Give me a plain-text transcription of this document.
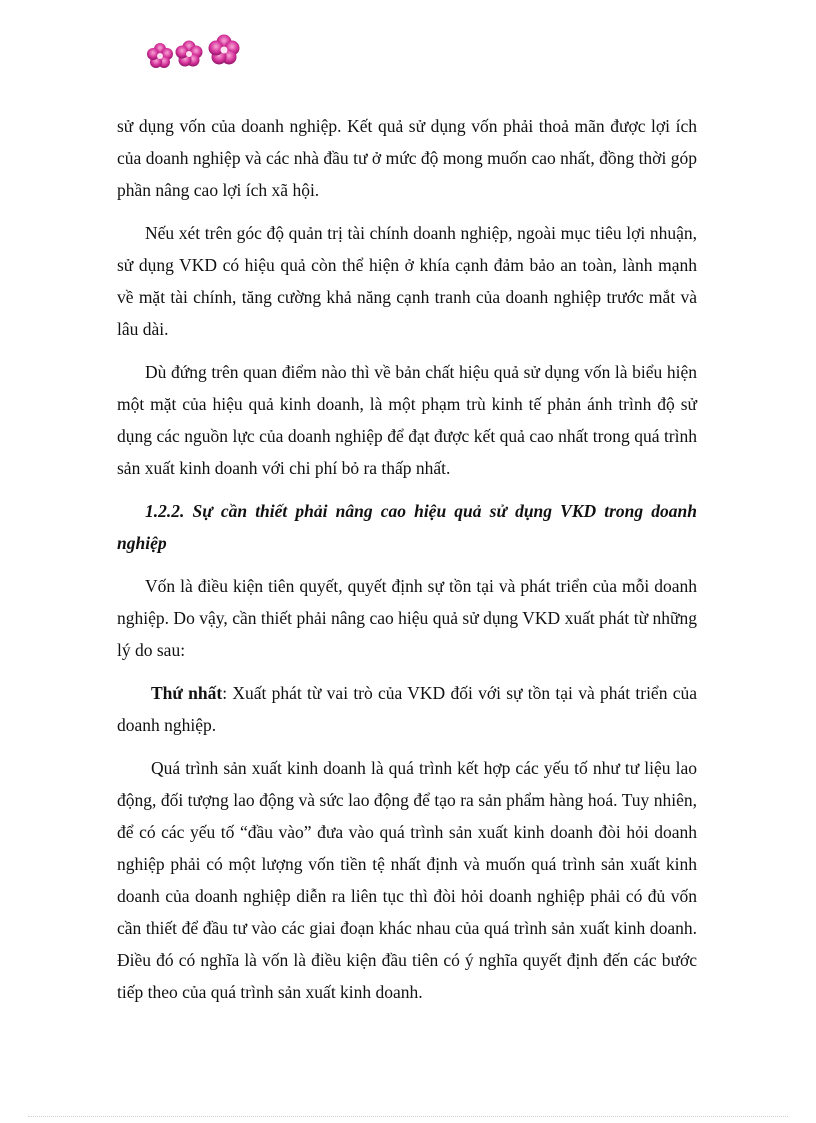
sử dụng vốn của doanh nghiệp. Kết quả sử dụng vốn phải thoả mãn được lợi ích của doanh nghiệp và các nhà đầu tư ở mức độ mong muốn cao nhất, đồng thời góp phần nâng cao lợi ích xã hội.

Nếu xét trên góc độ quản trị tài chính doanh nghiệp, ngoài mục tiêu lợi nhuận, sử dụng VKD có hiệu quả còn thể hiện ở khía cạnh đảm bảo an toàn, lành mạnh về mặt tài chính, tăng cường khả năng cạnh tranh của doanh nghiệp trước mắt và lâu dài.

Dù đứng trên quan điểm nào thì về bản chất hiệu quả sử dụng vốn là biểu hiện một mặt của hiệu quả kinh doanh, là một phạm trù kinh tế phản ánh trình độ sử dụng các nguồn lực của doanh nghiệp để đạt được kết quả cao nhất trong quá trình sản xuất kinh doanh với chi phí bỏ ra thấp nhất.

1.2.2. Sự cần thiết phải nâng cao hiệu quả sử dụng VKD trong doanh nghiệp

Vốn là điều kiện tiên quyết, quyết định sự tồn tại và phát triển của mỗi doanh nghiệp. Do vậy, cần thiết phải nâng cao hiệu quả sử dụng VKD xuất phát từ những lý do sau:

Thứ nhất: Xuất phát từ vai trò của VKD đối với sự tồn tại và phát triển của doanh nghiệp.

Quá trình sản xuất kinh doanh là quá trình kết hợp các yếu tố như tư liệu lao động, đối tượng lao động và sức lao động để tạo ra sản phẩm hàng hoá. Tuy nhiên, để có các yếu tố “đầu vào” đưa vào quá trình sản xuất kinh doanh đòi hỏi doanh nghiệp phải có một lượng vốn tiền tệ nhất định và muốn quá trình sản xuất kinh doanh của doanh nghiệp diễn ra liên tục thì đòi hỏi doanh nghiệp phải có đủ vốn cần thiết để đầu tư vào các giai đoạn khác nhau của quá trình sản xuất kinh doanh. Điều đó có nghĩa là vốn là điều kiện đầu tiên có ý nghĩa quyết định đến các bước tiếp theo của quá trình sản xuất kinh doanh.
